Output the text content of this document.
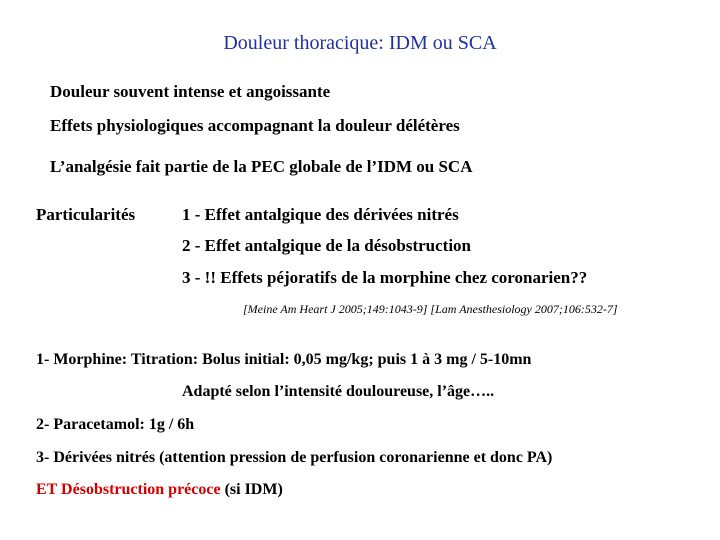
Douleur thoracique: IDM ou SCA
Douleur souvent intense et angoissante
Effets physiologiques accompagnant la douleur délétères
L’analgésie fait partie de la PEC globale de l’IDM ou SCA
Particularités	1 - Effet antalgique des dérivées nitrés
2 - Effet antalgique de la désobstruction
3 - !! Effets péjoratifs de la morphine chez coronarien??
[Meine Am Heart J 2005;149:1043-9] [Lam Anesthesiology 2007;106:532-7]
1- Morphine: Titration: Bolus initial: 0,05 mg/kg; puis 1 à 3 mg / 5-10mn
Adapté selon l’intensité douloureuse, l’âge…..
2- Paracetamol: 1g / 6h
3- Dérivées nitrés (attention pression de perfusion coronarienne et donc PA)
ET Désobstruction précoce (si IDM)
